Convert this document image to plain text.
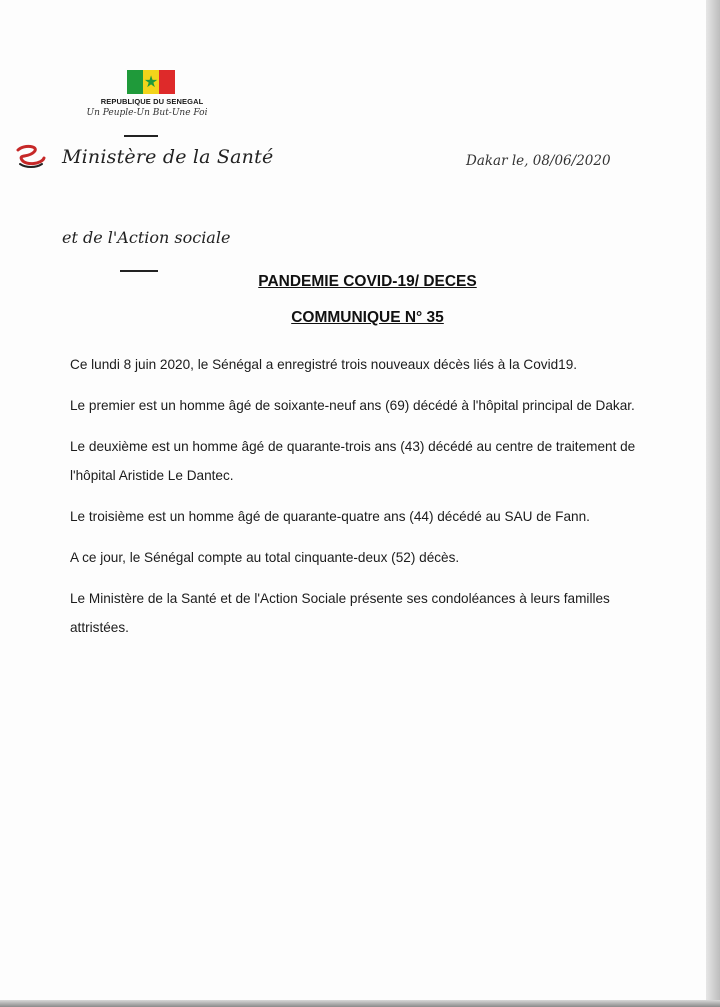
★
REPUBLIQUE DU SENEGAL
Un Peuple-Un But-Une Foi
Ministère de la Santé	Dakar le, 08/06/2020
et de l'Action sociale
PANDEMIE COVID-19/ DECES
COMMUNIQUE N° 35

Ce lundi 8 juin 2020, le Sénégal a enregistré trois nouveaux décès liés à la Covid19.

Le premier est un homme âgé de soixante-neuf ans (69) décédé à l'hôpital principal de Dakar.

Le deuxième est un homme âgé de quarante-trois ans (43) décédé au centre de traitement de l'hôpital Aristide Le Dantec.

Le troisième est un homme âgé de quarante-quatre ans (44) décédé au SAU de Fann.

A ce jour, le Sénégal compte au total cinquante-deux (52) décès.

Le Ministère de la Santé et de l'Action Sociale présente ses condoléances à leurs familles attristées.
